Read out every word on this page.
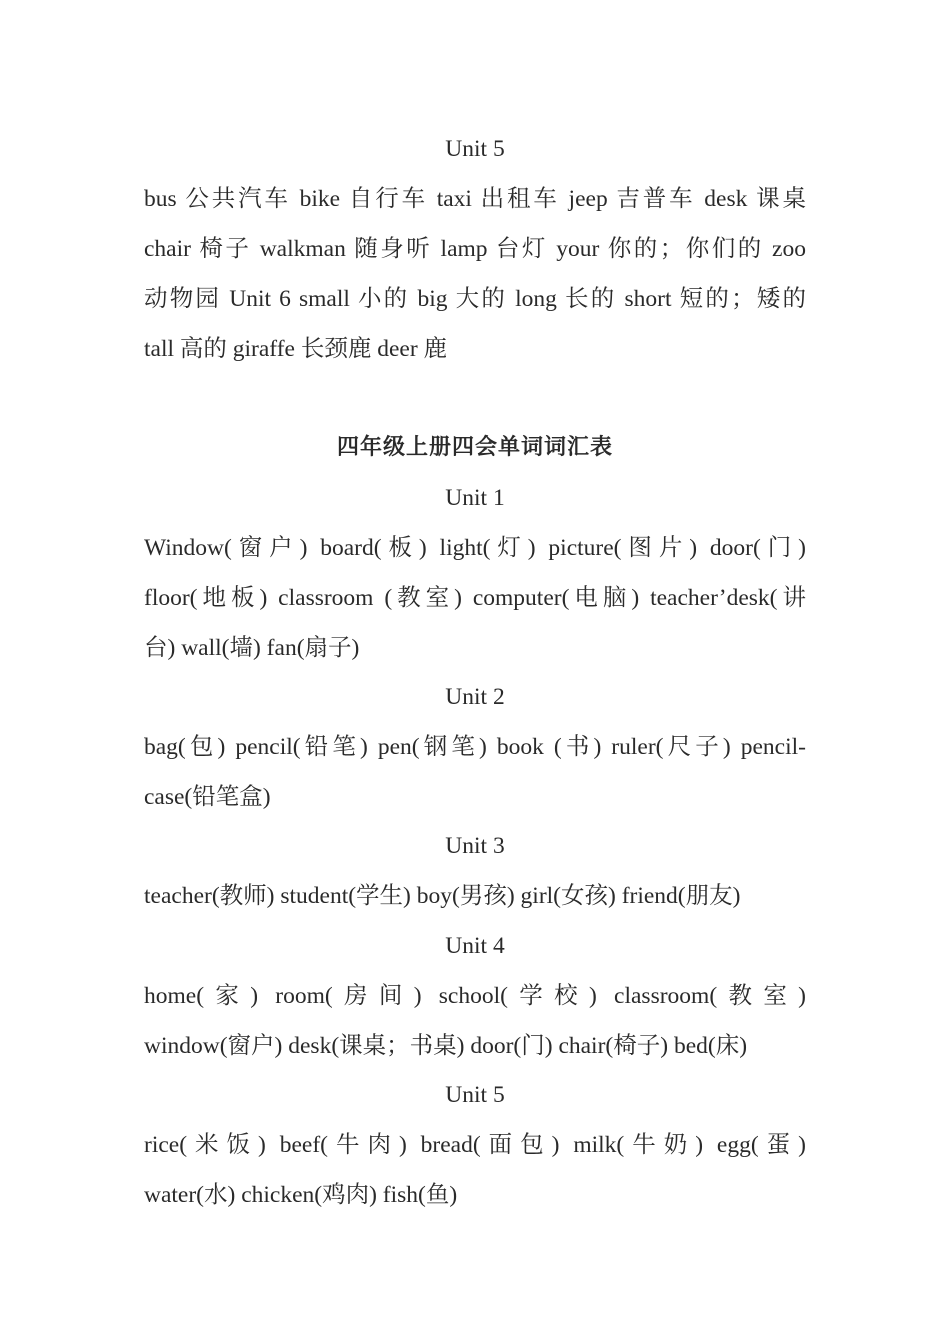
Unit 5
bus 公共汽车 bike 自行车 taxi 出租车 jeep 吉普车 desk 课桌
chair 椅子 walkman 随身听 lamp 台灯 your 你的；你们的 zoo
动物园 Unit 6 small 小的 big 大的 long 长的 short 短的；矮的
tall 高的 giraffe 长颈鹿 deer 鹿
四年级上册四会单词词汇表
Unit 1
Window(窗户) board(板) light(灯) picture(图片) door(门)
floor(地板) classroom (教室) computer(电脑) teacher’desk(讲
台) wall(墙) fan(扇子)
Unit 2
bag(包) pencil(铅笔) pen(钢笔) book (书) ruler(尺子) pencil-
case(铅笔盒)
Unit 3
teacher(教师) student(学生) boy(男孩) girl(女孩) friend(朋友)
Unit 4
home(家) room(房间) school(学校) classroom(教室)
window(窗户) desk(课桌；书桌) door(门) chair(椅子) bed(床)
Unit 5
rice(米饭) beef(牛肉) bread(面包) milk(牛奶) egg(蛋)
water(水) chicken(鸡肉) fish(鱼)
